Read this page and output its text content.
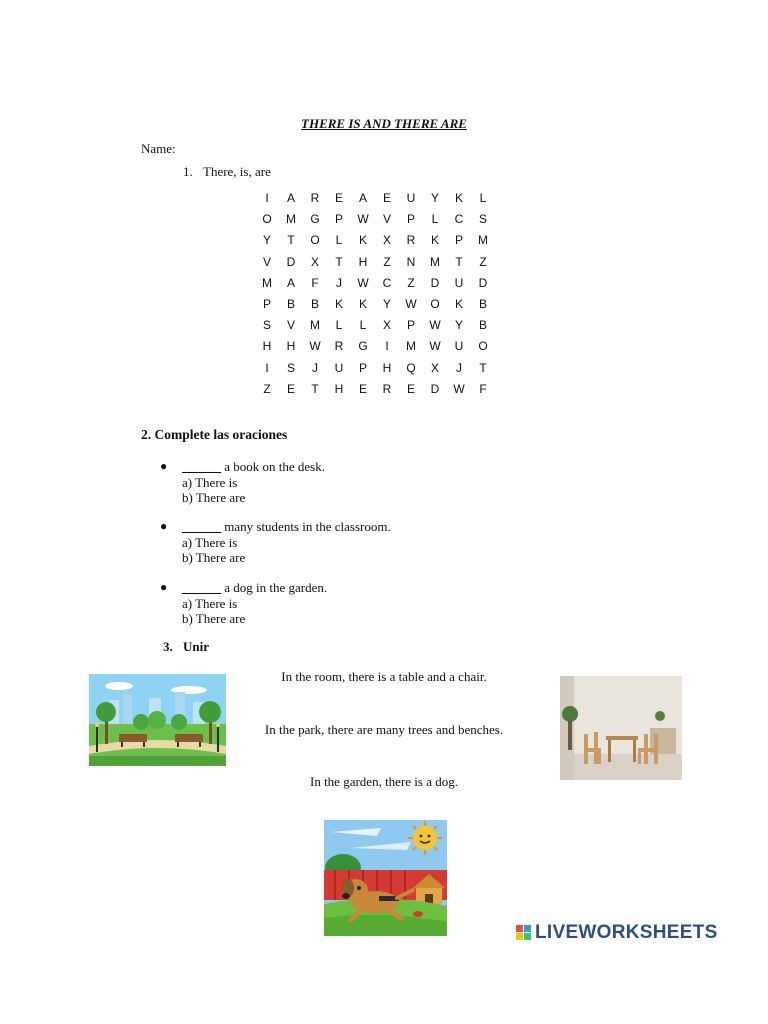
THERE IS AND THERE ARE
Name:
1. There, is, are
I	A	R	E	A	E	U	Y	K	L
O	M	G	P	W	V	P	L	C	S
Y	T	O	L	K	X	R	K	P	M
V	D	X	T	H	Z	N	M	T	Z
M	A	F	J	W	C	Z	D	U	D
P	B	B	K	K	Y	W	O	K	B
S	V	M	L	L	X	P	W	Y	B
H	H	W	R	G	I	M	W	U	O
I	S	J	U	P	H	Q	X	J	T
Z	E	T	H	E	R	E	D	W	F
2. Complete las oraciones
● ______ a book on the desk.
a) There is
b) There are
● ______ many students in the classroom.
a) There is
b) There are
● ______ a dog in the garden.
a) There is
b) There are
3. Unir
In the room, there is a table and a chair.
In the park, there are many trees and benches.
In the garden, there is a dog.
LIVEWORKSHEETS
